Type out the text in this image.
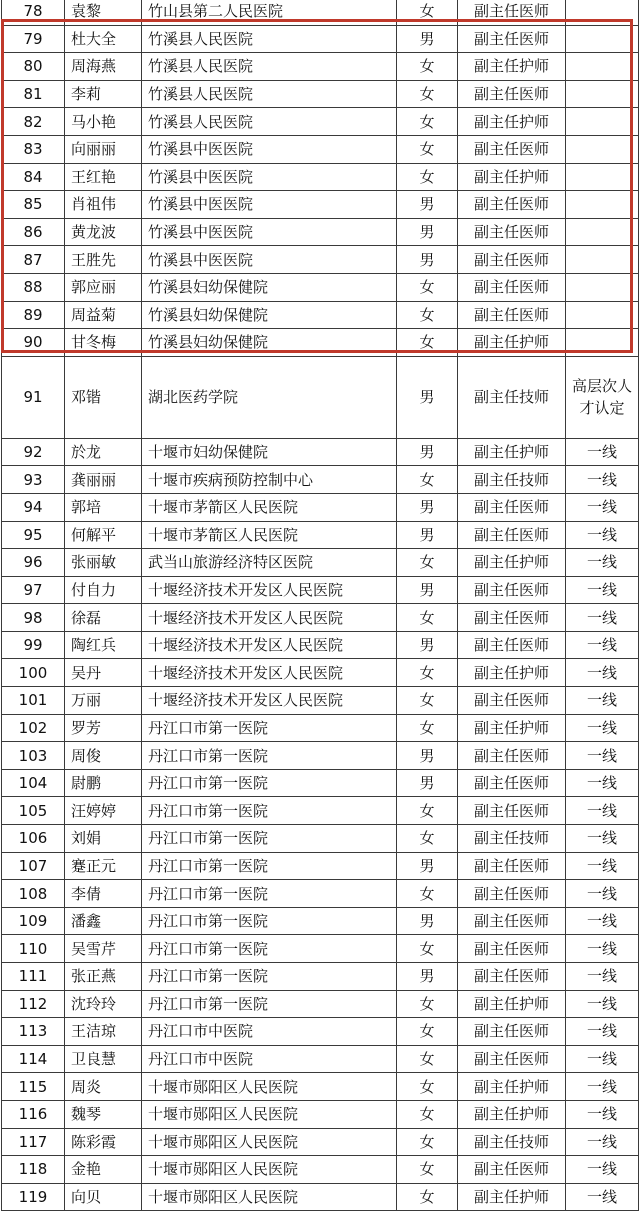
78	袁黎	竹山县第二人民医院	女	副主任医师	
79	杜大全	竹溪县人民医院	男	副主任医师	
80	周海燕	竹溪县人民医院	女	副主任护师	
81	李莉	竹溪县人民医院	女	副主任医师	
82	马小艳	竹溪县人民医院	女	副主任护师	
83	向丽丽	竹溪县中医医院	女	副主任医师	
84	王红艳	竹溪县中医医院	女	副主任护师	
85	肖祖伟	竹溪县中医医院	男	副主任医师	
86	黄龙波	竹溪县中医医院	男	副主任医师	
87	王胜先	竹溪县中医医院	男	副主任医师	
88	郭应丽	竹溪县妇幼保健院	女	副主任医师	
89	周益菊	竹溪县妇幼保健院	女	副主任医师	
90	甘冬梅	竹溪县妇幼保健院	女	副主任护师	
91	邓锴	湖北医药学院	男	副主任技师	高层次人才认定
92	於龙	十堰市妇幼保健院	男	副主任护师	一线
93	龚丽丽	十堰市疾病预防控制中心	女	副主任技师	一线
94	郭培	十堰市茅箭区人民医院	男	副主任医师	一线
95	何解平	十堰市茅箭区人民医院	男	副主任医师	一线
96	张丽敏	武当山旅游经济特区医院	女	副主任护师	一线
97	付自力	十堰经济技术开发区人民医院	男	副主任医师	一线
98	徐磊	十堰经济技术开发区人民医院	女	副主任医师	一线
99	陶红兵	十堰经济技术开发区人民医院	男	副主任医师	一线
100	吴丹	十堰经济技术开发区人民医院	女	副主任护师	一线
101	万丽	十堰经济技术开发区人民医院	女	副主任医师	一线
102	罗芳	丹江口市第一医院	女	副主任护师	一线
103	周俊	丹江口市第一医院	男	副主任医师	一线
104	尉鹏	丹江口市第一医院	男	副主任医师	一线
105	汪婷婷	丹江口市第一医院	女	副主任医师	一线
106	刘娟	丹江口市第一医院	女	副主任技师	一线
107	蹇正元	丹江口市第一医院	男	副主任医师	一线
108	李倩	丹江口市第一医院	女	副主任医师	一线
109	潘鑫	丹江口市第一医院	男	副主任医师	一线
110	吴雪芹	丹江口市第一医院	女	副主任医师	一线
111	张正燕	丹江口市第一医院	男	副主任医师	一线
112	沈玲玲	丹江口市第一医院	女	副主任护师	一线
113	王洁琼	丹江口市中医院	女	副主任医师	一线
114	卫良慧	丹江口市中医院	女	副主任医师	一线
115	周炎	十堰市郧阳区人民医院	女	副主任护师	一线
116	魏琴	十堰市郧阳区人民医院	女	副主任护师	一线
117	陈彩霞	十堰市郧阳区人民医院	女	副主任技师	一线
118	金艳	十堰市郧阳区人民医院	女	副主任医师	一线
119	向贝	十堰市郧阳区人民医院	女	副主任护师	一线
